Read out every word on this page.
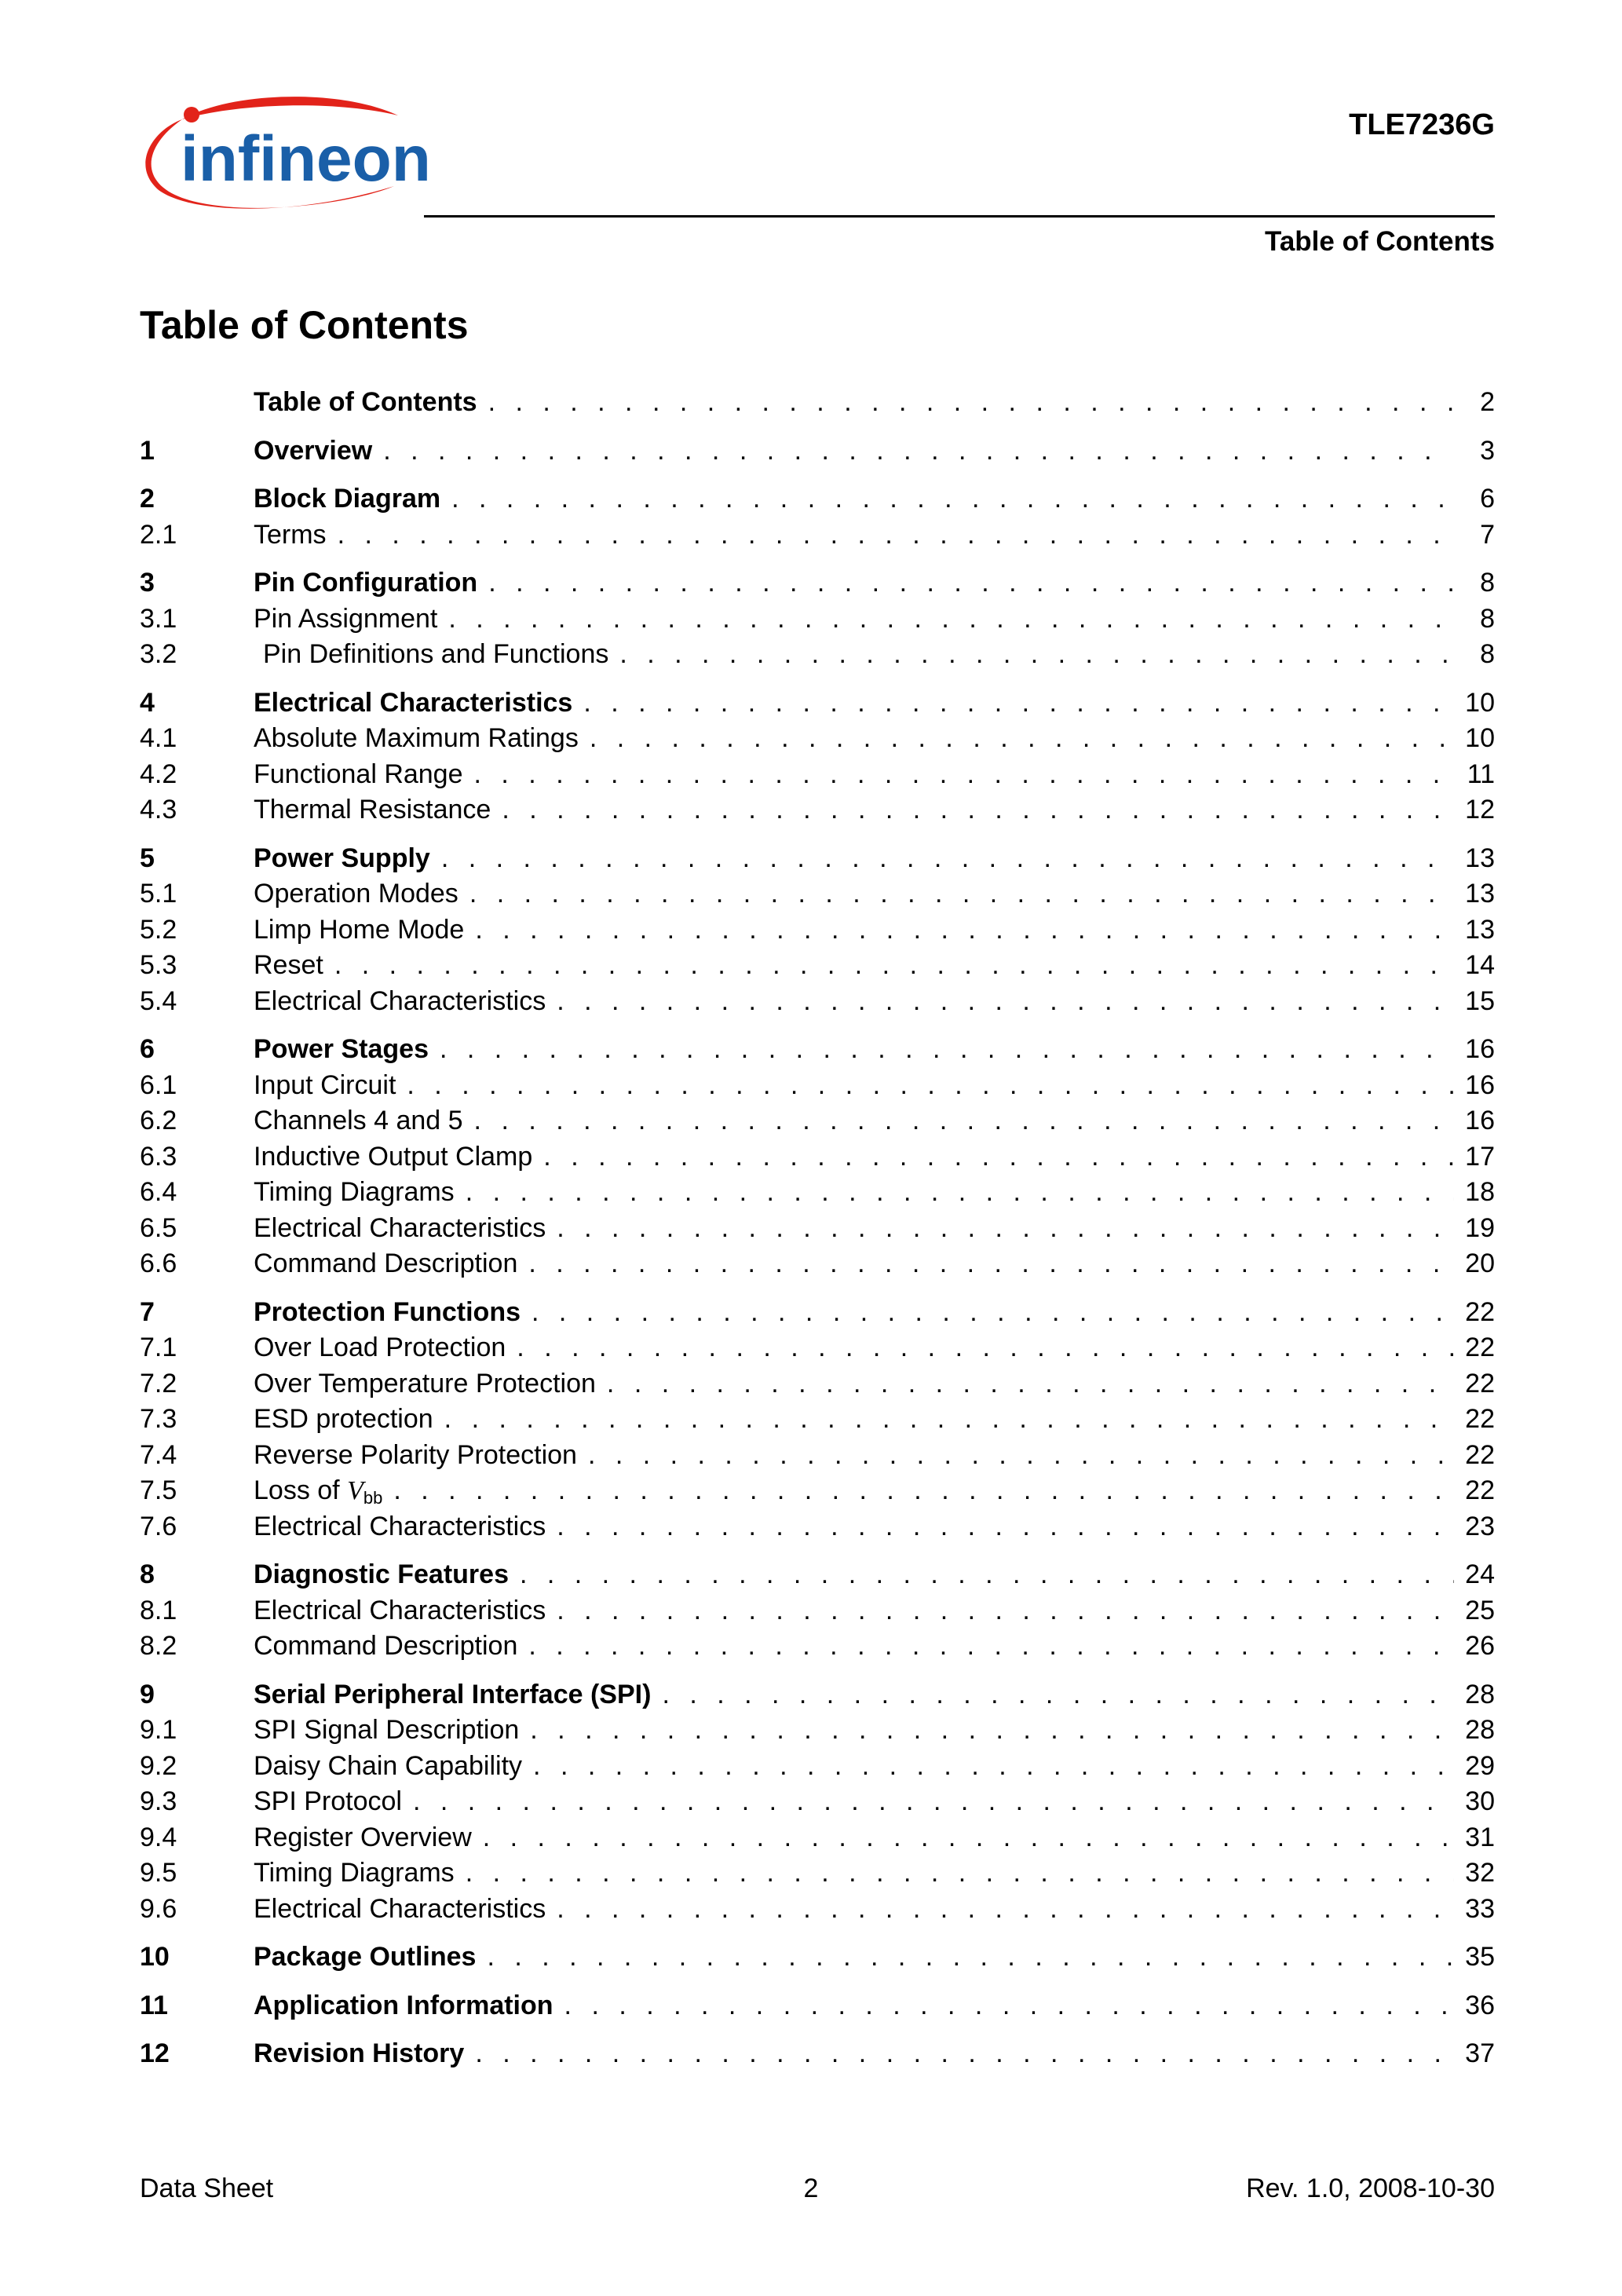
infineon	TLE7236G
Table of Contents
Table of Contents
Table of Contents . . .	2
1	Overview . . .	3
2	Block Diagram . . .	6
2.1	Terms . . .	7
3	Pin Configuration . . .	8
3.1	Pin Assignment . . .	8
3.2	Pin Definitions and Functions . . .	8
4	Electrical Characteristics . . .	10
4.1	Absolute Maximum Ratings . . .	10
4.2	Functional Range . . .	11
4.3	Thermal Resistance . . .	12
5	Power Supply . . .	13
5.1	Operation Modes . . .	13
5.2	Limp Home Mode . . .	13
5.3	Reset . . .	14
5.4	Electrical Characteristics . . .	15
6	Power Stages . . .	16
6.1	Input Circuit . . .	16
6.2	Channels 4 and 5 . . .	16
6.3	Inductive Output Clamp . . .	17
6.4	Timing Diagrams . . .	18
6.5	Electrical Characteristics . . .	19
6.6	Command Description . . .	20
7	Protection Functions . . .	22
7.1	Over Load Protection . . .	22
7.2	Over Temperature Protection . . .	22
7.3	ESD protection . . .	22
7.4	Reverse Polarity Protection . . .	22
7.5	Loss of Vbb . . .	22
7.6	Electrical Characteristics . . .	23
8	Diagnostic Features . . .	24
8.1	Electrical Characteristics . . .	25
8.2	Command Description . . .	26
9	Serial Peripheral Interface (SPI) . . .	28
9.1	SPI Signal Description . . .	28
9.2	Daisy Chain Capability . . .	29
9.3	SPI Protocol . . .	30
9.4	Register Overview . . .	31
9.5	Timing Diagrams . . .	32
9.6	Electrical Characteristics . . .	33
10	Package Outlines . . .	35
11	Application Information . . .	36
12	Revision History . . .	37
Data Sheet	2	Rev. 1.0, 2008-10-30
